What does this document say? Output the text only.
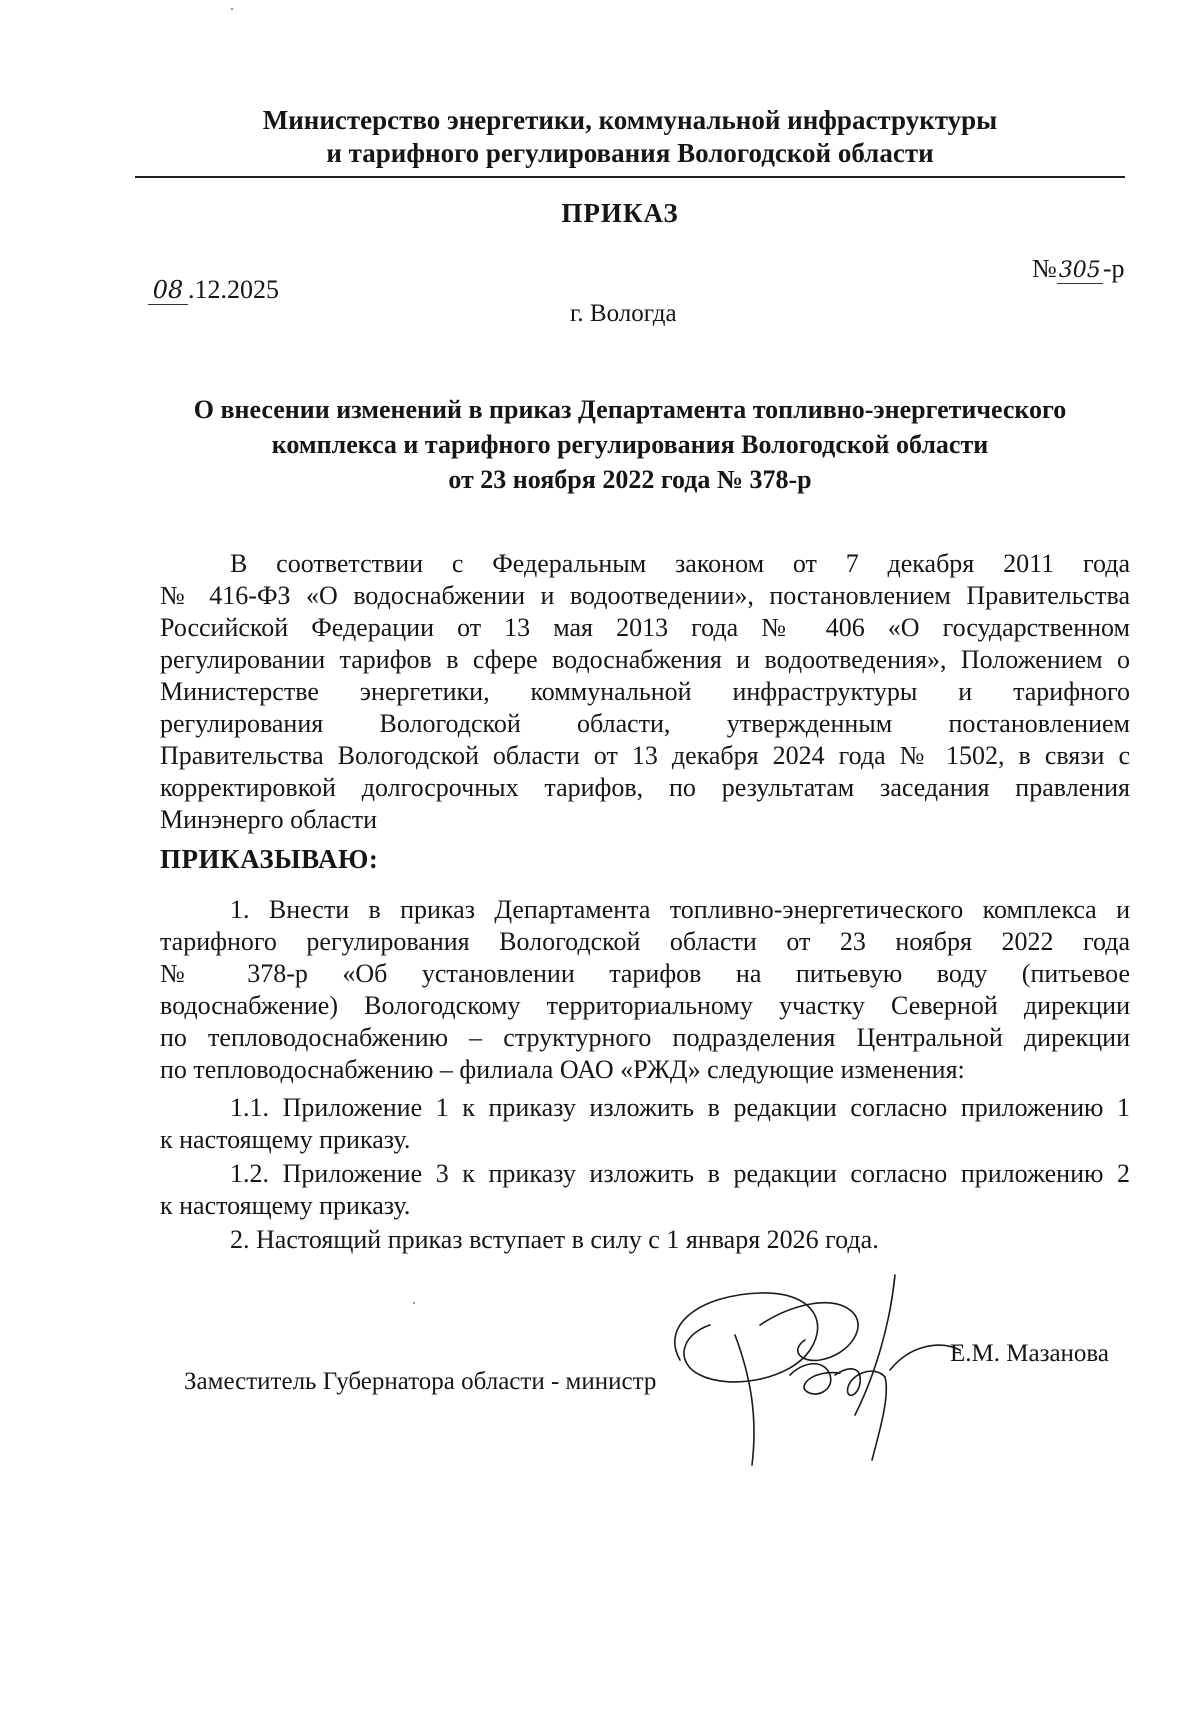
Министерство энергетики, коммунальной инфраструктуры
и тарифного регулирования Вологодской области
ПРИКАЗ
08 .12.2025
№305-р
г. Вологда
О внесении изменений в приказ Департамента топливно-энергетического
комплекса и тарифного регулирования Вологодской области
от 23 ноября 2022 года № 378-р
В соответствии с Федеральным законом от 7 декабря 2011 года
№ 416-ФЗ «О водоснабжении и водоотведении», постановлением Правительства
Российской Федерации от 13 мая 2013 года № 406 «О государственном
регулировании тарифов в сфере водоснабжения и водоотведения», Положением о
Министерстве энергетики, коммунальной инфраструктуры и тарифного
регулирования Вологодской области, утвержденным постановлением
Правительства Вологодской области от 13 декабря 2024 года № 1502, в связи с
корректировкой долгосрочных тарифов, по результатам заседания правления
Минэнерго области
ПРИКАЗЫВАЮ:
1. Внести в приказ Департамента топливно-энергетического комплекса и
тарифного регулирования Вологодской области от 23 ноября 2022 года
№ 378-р «Об установлении тарифов на питьевую воду (питьевое
водоснабжение) Вологодскому территориальному участку Северной дирекции
по тепловодоснабжению – структурного подразделения Центральной дирекции
по тепловодоснабжению – филиала ОАО «РЖД» следующие изменения:
1.1. Приложение 1 к приказу изложить в редакции согласно приложению 1
к настоящему приказу.
1.2. Приложение 3 к приказу изложить в редакции согласно приложению 2
к настоящему приказу.
2. Настоящий приказ вступает в силу с 1 января 2026 года.
Заместитель Губернатора области - министр
Е.М. Мазанова
